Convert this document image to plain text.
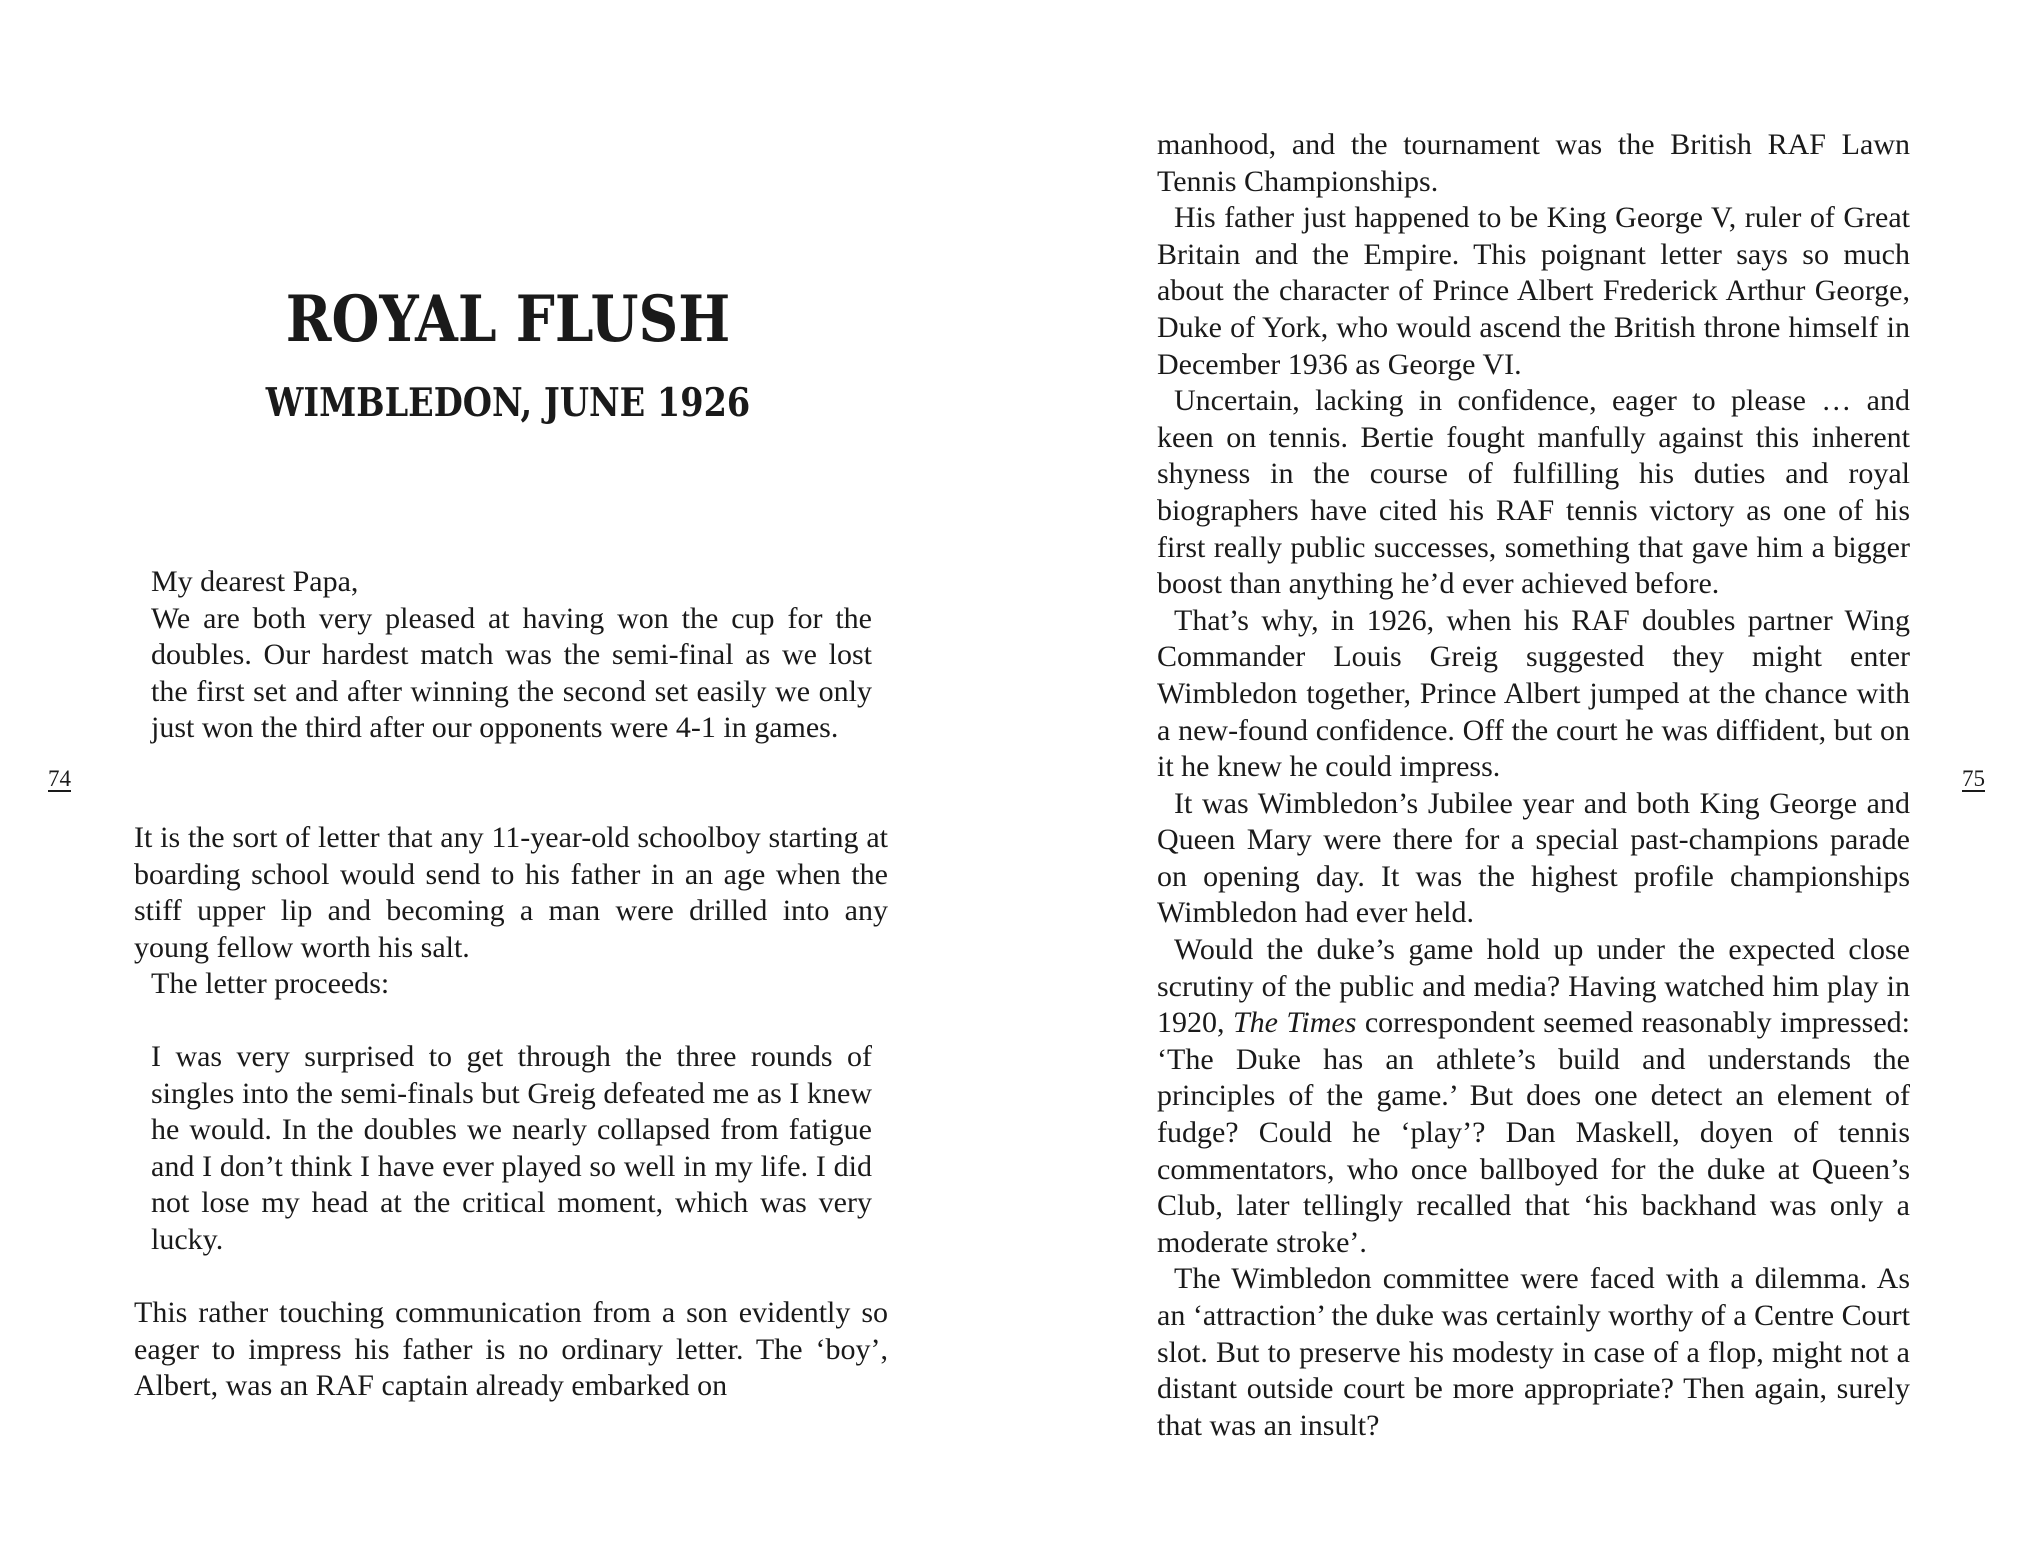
ROYAL FLUSH
WIMBLEDON, JUNE 1926

My dearest Papa,

We are both very pleased at having won the cup for the doubles. Our hardest match was the semi-final as we lost the first set and after winning the second set easily we only just won the third after our opponents were 4-1 in games.

It is the sort of letter that any 11-year-old schoolboy starting at boarding school would send to his father in an age when the stiff upper lip and becoming a man were drilled into any young fellow worth his salt.

The letter proceeds:

I was very surprised to get through the three rounds of singles into the semi-finals but Greig defeated me as I knew he would. In the doubles we nearly collapsed from fatigue and I don’t think I have ever played so well in my life. I did not lose my head at the critical moment, which was very lucky.

This rather touching communication from a son evidently so eager to impress his father is no ordinary letter. The ‘boy’, Albert, was an RAF captain already embarked on

74

manhood, and the tournament was the British RAF Lawn Tennis Championships.

His father just happened to be King George V, ruler of Great Britain and the Empire. This poignant letter says so much about the character of Prince Albert Frederick Arthur George, Duke of York, who would ascend the British throne himself in December 1936 as George VI.

Uncertain, lacking in confidence, eager to please … and keen on tennis. Bertie fought manfully against this inherent shyness in the course of fulfilling his duties and royal biographers have cited his RAF tennis victory as one of his first really public successes, something that gave him a bigger boost than anything he’d ever achieved before.

That’s why, in 1926, when his RAF doubles partner Wing Commander Louis Greig suggested they might enter Wimbledon together, Prince Albert jumped at the chance with a new-found confidence. Off the court he was diffident, but on it he knew he could impress.

It was Wimbledon’s Jubilee year and both King George and Queen Mary were there for a special past-champions parade on opening day. It was the highest profile championships Wimbledon had ever held.

Would the duke’s game hold up under the expected close scrutiny of the public and media? Having watched him play in 1920, The Times correspondent seemed reasonably impressed: ‘The Duke has an athlete’s build and understands the principles of the game.’ But does one detect an element of fudge? Could he ‘play’? Dan Maskell, doyen of tennis commentators, who once ballboyed for the duke at Queen’s Club, later tellingly recalled that ‘his backhand was only a moderate stroke’.

The Wimbledon committee were faced with a dilemma. As an ‘attraction’ the duke was certainly worthy of a Centre Court slot. But to preserve his modesty in case of a flop, might not a distant outside court be more appropriate? Then again, surely that was an insult?

75
